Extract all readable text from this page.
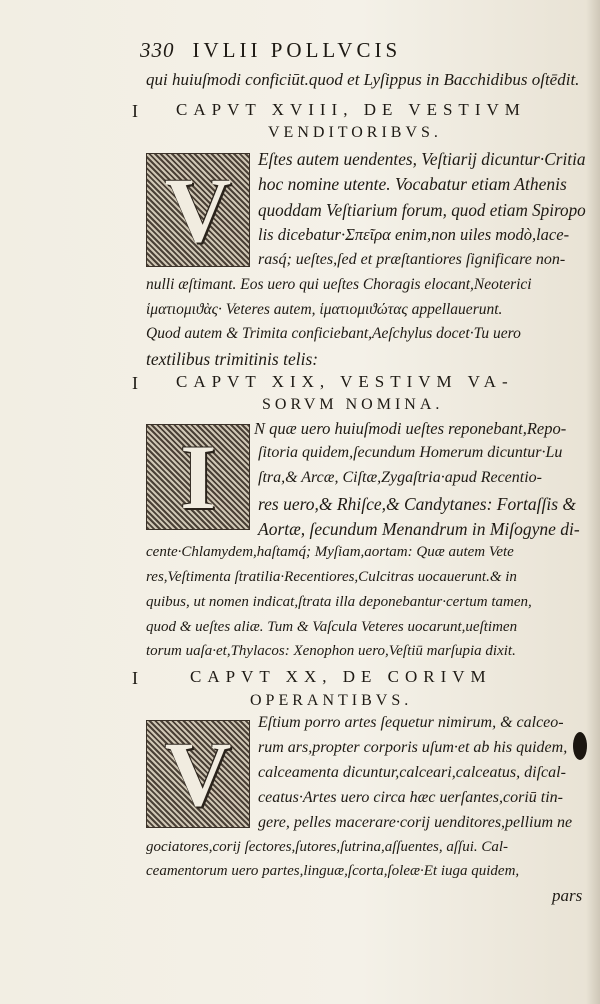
330 IVLII POLLVCIS
qui huiuſmodi conficiūt.quod et Lyſippus in Bacchidibus oſtēdit.
I CAPVT XVIII, DE VESTIVM
VENDITORIBVS.
V Eſtes autem uendentes, Veſtiarij dicuntur·Critia
hoc nomine utente. Vocabatur etiam Athenis
quoddam Veſtiarium forum, quod etiam Spiropo
lis dicebatur·Σπεῖρα enim,non uiles modò,lace-
rasq́; ueſtes,ſed et præſtantiores ſignificare non-
nulli æſtimant. Eos uero qui ueſtes Choragis elocant,Neoterici
ἱματιομιϑὰς· Veteres autem, ἱματιομιϑώτας appellauerunt.
Quod autem & Trimita conficiebant,Aeſchylus docet·Tu uero
textilibus trimitinis telis:
I CAPVT XIX, VESTIVM VA-
SORVM NOMINA.
I N quæ uero huiuſmodi ueſtes reponebant,Repo-
ſitoria quidem,ſecundum Homerum dicuntur·Lu
ſtra,& Arcæ, Ciſtæ,Zygaſtria·apud Recentio-
res uero,& Rhiſce,& Candytanes: Fortaſſis &
Aortæ, ſecundum Menandrum in Miſogyne di-
cente·Chlamydem,haſtamq́; Myſiam,aortam: Quæ autem Vete
res,Veſtimenta ſtratilia·Recentiores,Culcitras uocauerunt.& in
quibus, ut nomen indicat,ſtrata illa deponebantur·certum tamen,
quod & ueſtes aliæ. Tum & Vaſcula Veteres uocarunt,ueſtimen
torum uaſa·et,Thylacos: Xenophon uero,Veſtiū marſupia dixit.
I	CAPVT XX, DE CORIVM
OPERANTIBVS.
V
Eſtium porro artes ſequetur nimirum, & calceo-
rum ars,propter corporis uſum·et ab his quidem,
calceamenta dicuntur,calceari,calceatus, diſcal-
ceatus·Artes uero circa hæc uerſantes,coriū tin-
gere, pelles macerare·corij uenditores,pellium ne
gociatores,corij ſectores,ſutores,ſutrina,aſſuentes, aſſui. Cal-
ceamentorum uero partes,linguæ,ſcorta,ſoleæ·Et iuga quidem,
pars
